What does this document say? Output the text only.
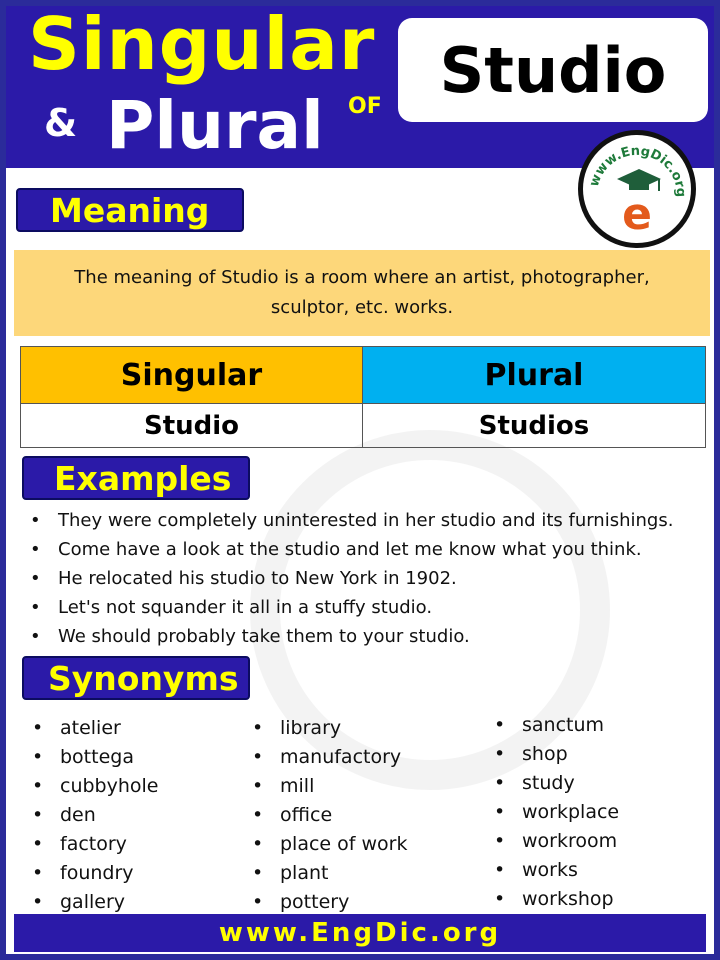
Singular
& Plural OF Studio
www.EngDic.org
e
Meaning
The meaning of Studio is a room where an artist, photographer, sculptor, etc. works.
Singular	Plural
Studio	Studios
Examples
• They were completely uninterested in her studio and its furnishings.
• Come have a look at the studio and let me know what you think.
• He relocated his studio to New York in 1902.
• Let's not squander it all in a stuffy studio.
• We should probably take them to your studio.
Synonyms
• atelier
• bottega
• cubbyhole
• den
• factory
• foundry
• gallery
• library
• manufactory
• mill
• office
• place of work
• plant
• pottery
• sanctum
• shop
• study
• workplace
• workroom
• works
• workshop
www.EngDic.org
